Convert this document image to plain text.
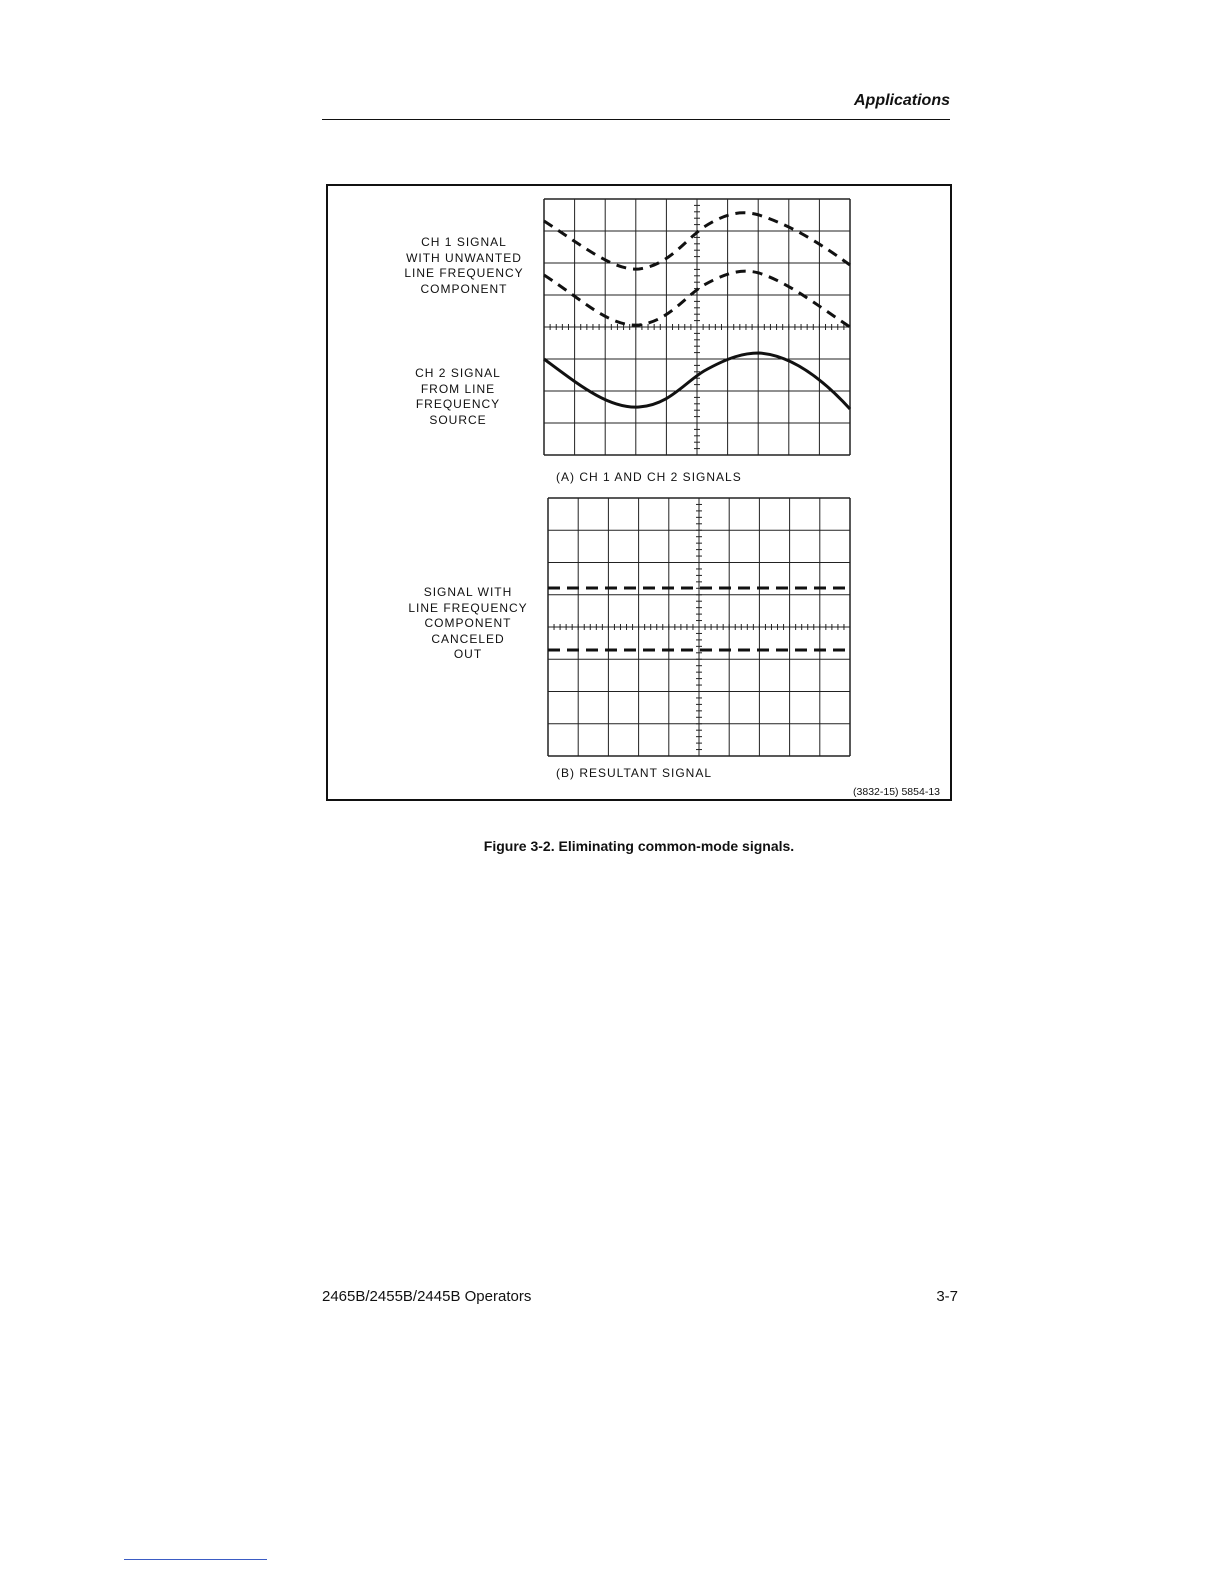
Applications
CH 1 SIGNAL
WITH UNWANTED
LINE FREQUENCY
COMPONENT
CH 2 SIGNAL
FROM LINE
FREQUENCY
SOURCE
(A) CH 1 AND CH 2 SIGNALS
SIGNAL WITH
LINE FREQUENCY
COMPONENT
CANCELED
OUT
(B) RESULTANT SIGNAL
(3832-15) 5854-13
Figure 3-2. Eliminating common-mode signals.
2465B/2455B/2445B Operators	3-7
